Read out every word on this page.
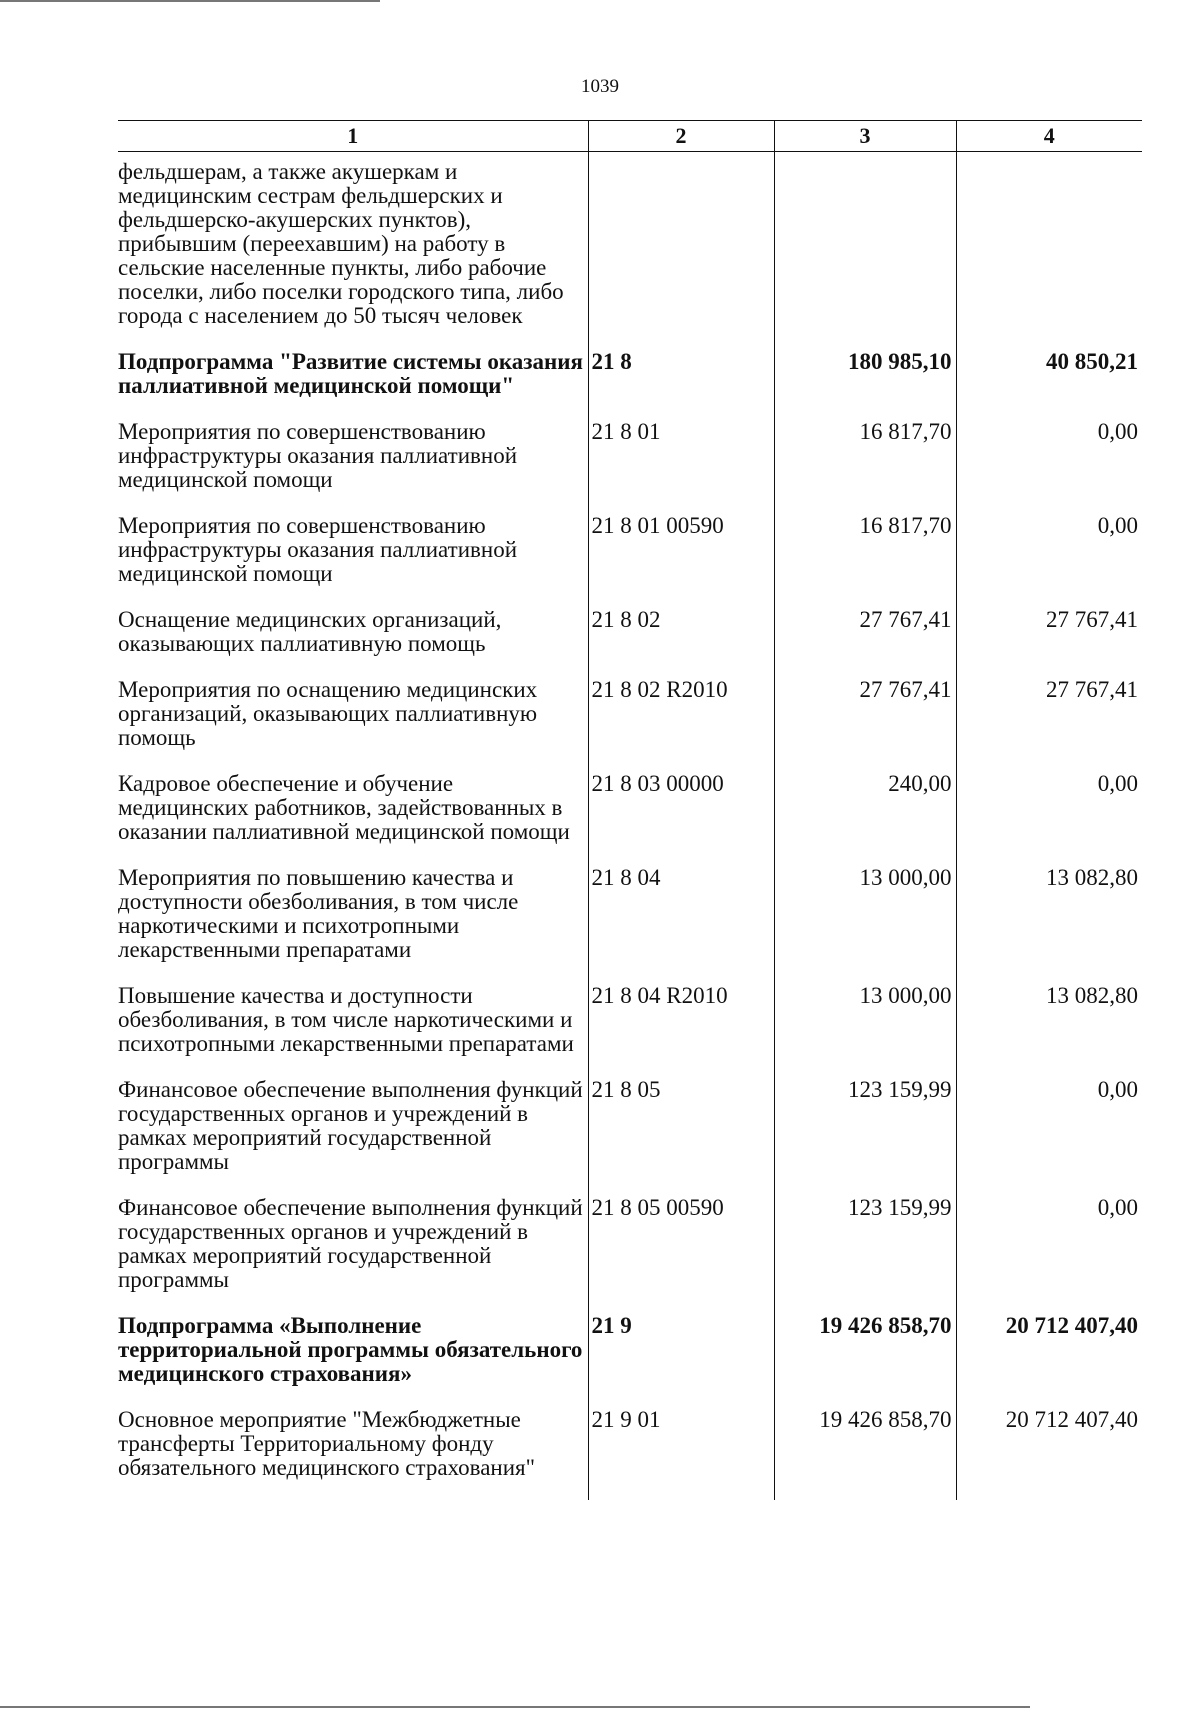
1039
1	2	3	4
фельдшерам, а также акушеркам и медицинским сестрам фельдшерских и фельдшерско-акушерских пунктов), прибывшим (переехавшим) на работу в сельские населенные пункты, либо рабочие поселки, либо поселки городского типа, либо города с населением до 50 тысяч человек			
Подпрограмма "Развитие системы оказания паллиативной медицинской помощи"	21 8	180 985,10	40 850,21
Мероприятия по совершенствованию инфраструктуры оказания паллиативной медицинской помощи	21 8 01	16 817,70	0,00
Мероприятия по совершенствованию инфраструктуры оказания паллиативной медицинской помощи	21 8 01 00590	16 817,70	0,00
Оснащение медицинских организаций, оказывающих паллиативную помощь	21 8 02	27 767,41	27 767,41
Мероприятия по оснащению медицинских организаций, оказывающих паллиативную помощь	21 8 02 R2010	27 767,41	27 767,41
Кадровое обеспечение и обучение медицинских работников, задействованных в оказании паллиативной медицинской помощи	21 8 03 00000	240,00	0,00
Мероприятия по повышению качества и доступности обезболивания, в том числе наркотическими и психотропными лекарственными препаратами	21 8 04	13 000,00	13 082,80
Повышение качества и доступности обезболивания, в том числе наркотическими и психотропными лекарственными препаратами	21 8 04 R2010	13 000,00	13 082,80
Финансовое обеспечение выполнения функций государственных органов и учреждений в рамках мероприятий государственной программы	21 8 05	123 159,99	0,00
Финансовое обеспечение выполнения функций государственных органов и учреждений в рамках мероприятий государственной программы	21 8 05 00590	123 159,99	0,00
Подпрограмма «Выполнение территориальной программы обязательного медицинского страхования»	21 9	19 426 858,70	20 712 407,40
Основное мероприятие "Межбюджетные трансферты Территориальному фонду обязательного медицинского страхования"	21 9 01	19 426 858,70	20 712 407,40
